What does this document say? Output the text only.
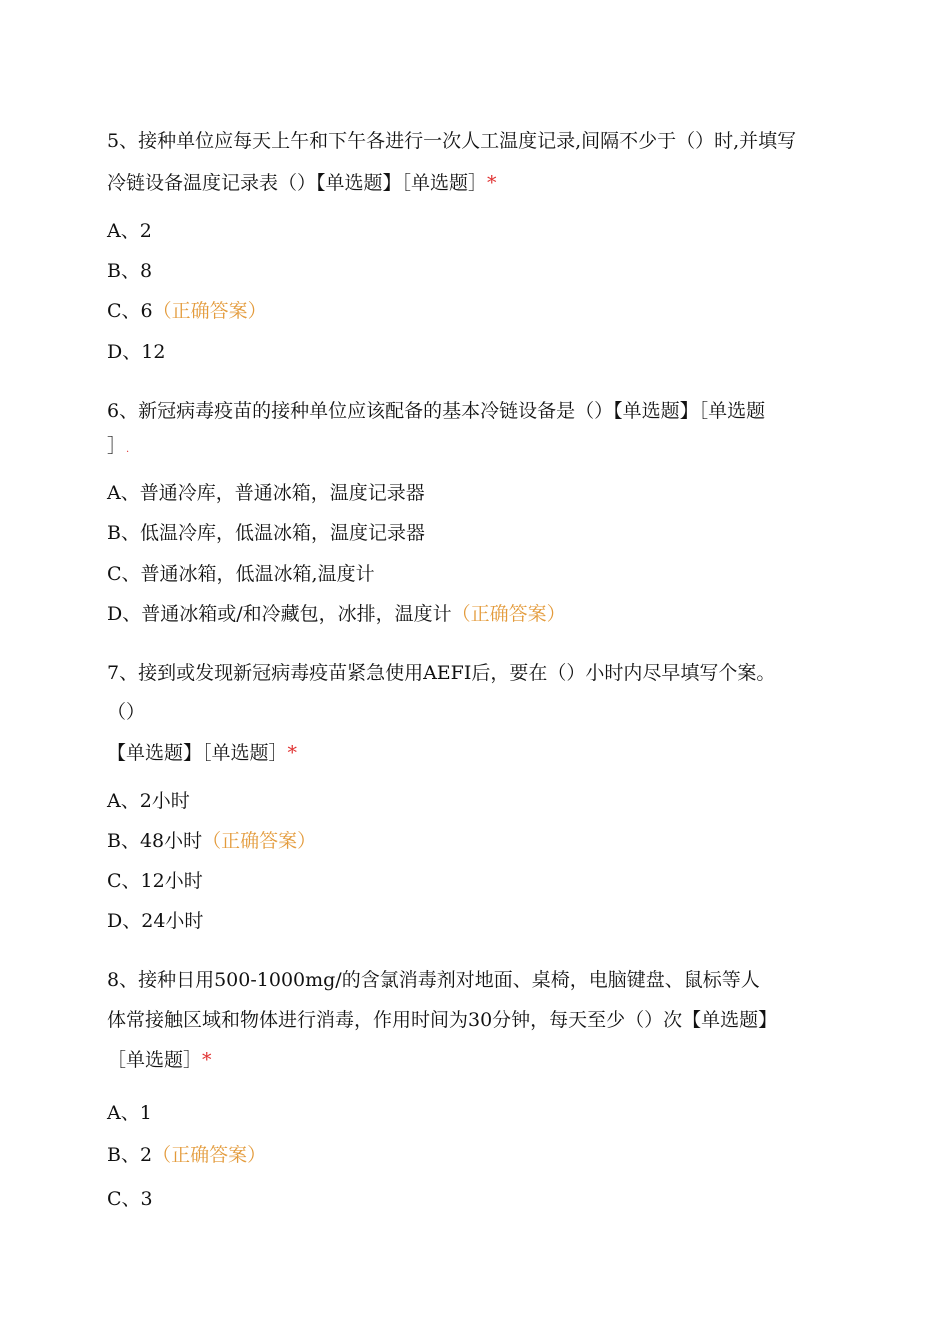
5、接种单位应每天上午和下午各进行一次人工温度记录,间隔不少于（）时,并填写
冷链设备温度记录表（）【单选题】［单选题］*
A、2
B、8
C、6（正确答案）
D、12
6、新冠病毒疫苗的接种单位应该配备的基本冷链设备是（）【单选题】［单选题
］.
A、普通冷库，普通冰箱，温度记录器
B、低温冷库，低温冰箱，温度记录器
C、普通冰箱，低温冰箱,温度计
D、普通冰箱或/和冷藏包，冰排，温度计（正确答案）
7、接到或发现新冠病毒疫苗紧急使用AEFI后，要在（）小时内尽早填写个案。
（）
【单选题】［单选题］*
A、2小时
B、48小时（正确答案）
C、12小时
D、24小时
8、接种日用500-1000mg/的含氯消毒剂对地面、桌椅，电脑键盘、鼠标等人
体常接触区域和物体进行消毒，作用时间为30分钟，每天至少（）次【单选题】
［单选题］*
A、1
B、2（正确答案）
C、3
